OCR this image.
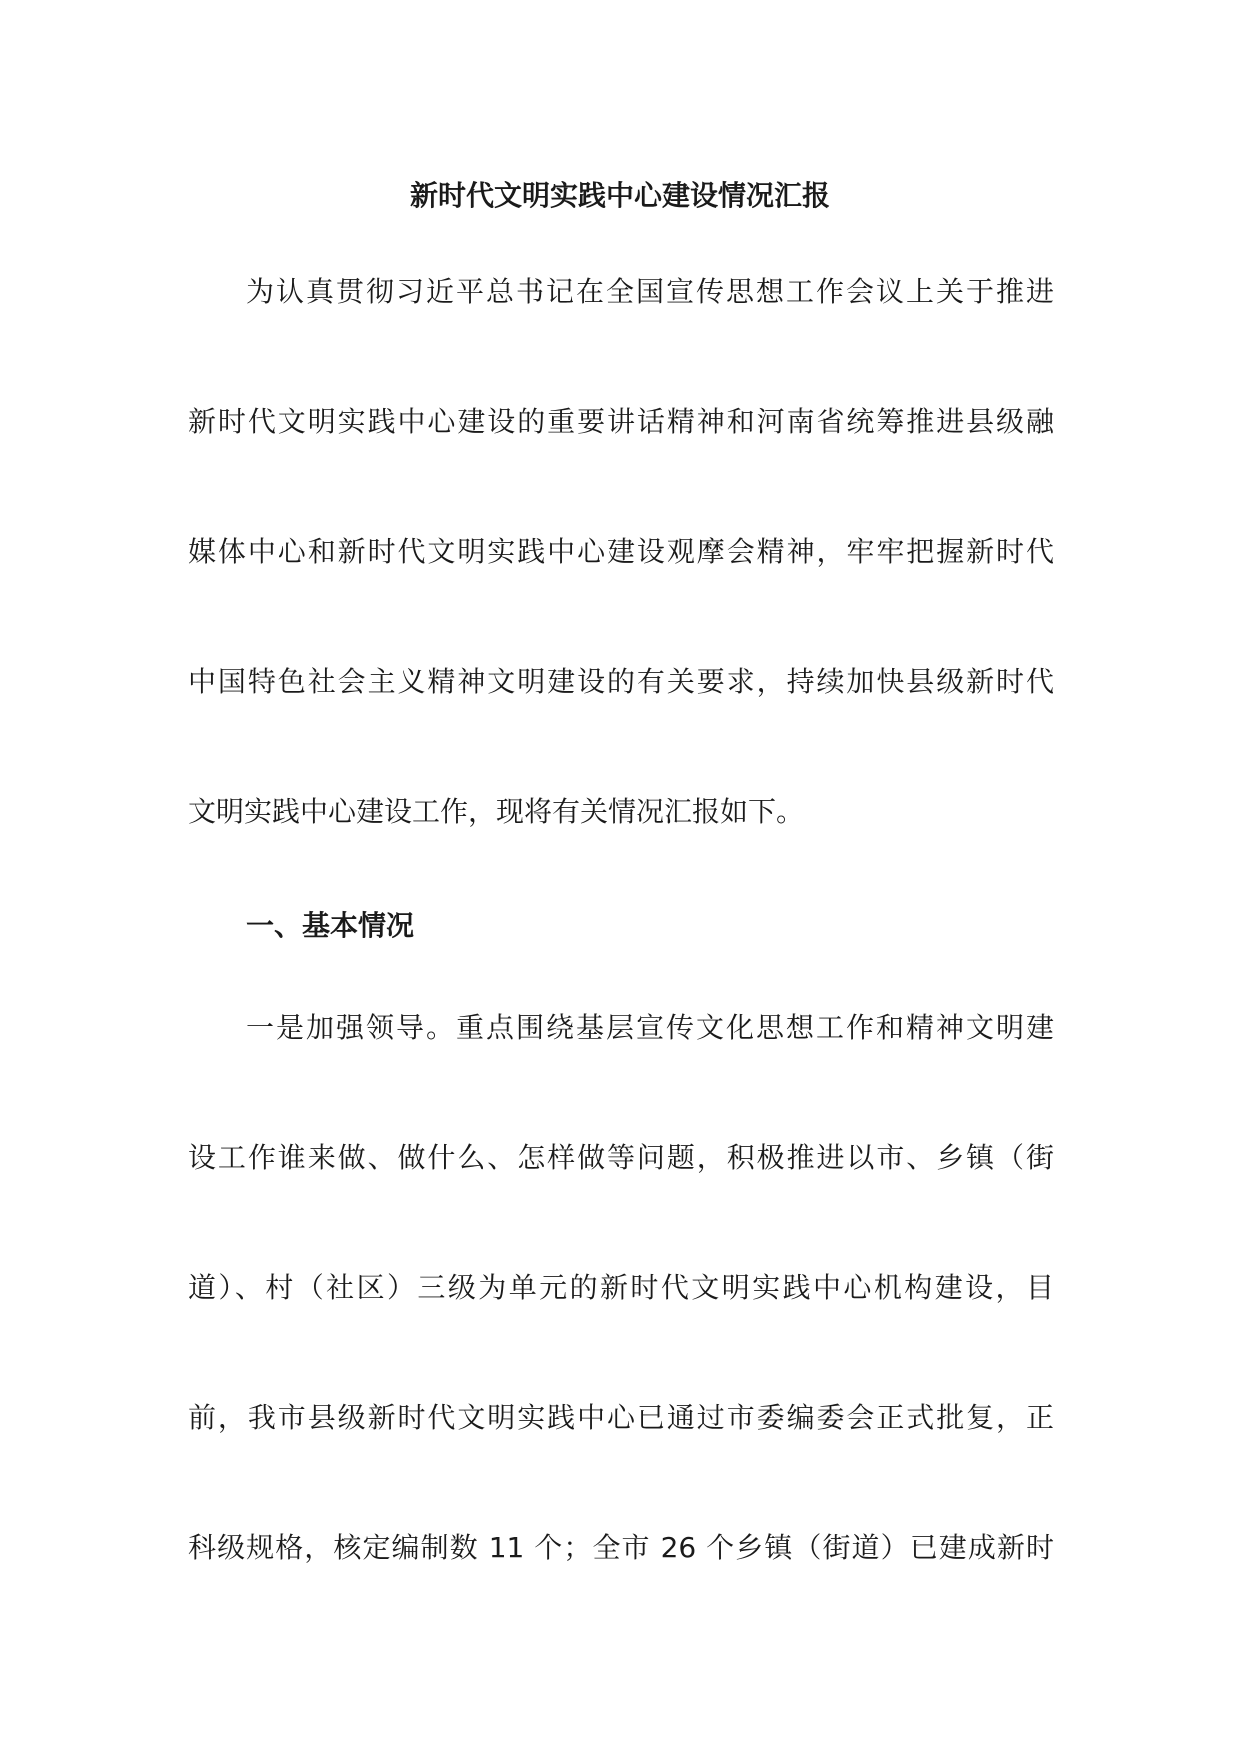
新时代文明实践中心建设情况汇报

为认真贯彻习近平总书记在全国宣传思想工作会议上关于推进

新时代文明实践中心建设的重要讲话精神和河南省统筹推进县级融

媒体中心和新时代文明实践中心建设观摩会精神，牢牢把握新时代

中国特色社会主义精神文明建设的有关要求，持续加快县级新时代

文明实践中心建设工作，现将有关情况汇报如下。

一、基本情况

一是加强领导。重点围绕基层宣传文化思想工作和精神文明建

设工作谁来做、做什么、怎样做等问题，积极推进以市、乡镇（街

道）、村（社区）三级为单元的新时代文明实践中心机构建设，目

前，我市县级新时代文明实践中心已通过市委编委会正式批复，正

科级规格，核定编制数 11 个；全市 26 个乡镇（街道）已建成新时
